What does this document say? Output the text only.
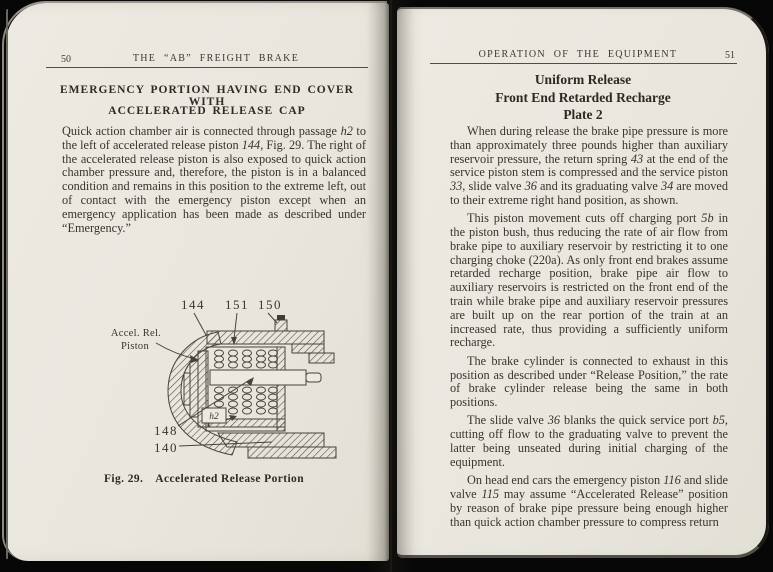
50	THE “AB” FREIGHT BRAKE
EMERGENCY PORTION HAVING END COVER WITH
ACCELERATED RELEASE CAP
Quick action chamber air is connected through passage h2 to the left of accelerated release piston 144, Fig. 29. The right of the accelerated release piston is also exposed to quick action chamber pressure and, therefore, the piston is in a balanced condition and remains in this position to the extreme left, out of contact with the emergency piston except when an emergency application has been made as described under “Emergency.”
144 151 150
Accel. Rel.
Piston
148
140
h2
Fig. 29. Accelerated Release Portion
OPERATION OF THE EQUIPMENT	51
Uniform Release
Front End Retarded Recharge
Plate 2

When during release the brake pipe pressure is more than approximately three pounds higher than auxiliary reservoir pressure, the return spring 43 at the end of the service piston stem is compressed and the service piston 33, slide valve 36 and its graduating valve 34 are moved to their extreme right hand position, as shown.

This piston movement cuts off charging port 5b in the piston bush, thus reducing the rate of air flow from brake pipe to auxiliary reservoir by restricting it to one charging choke (220a). As only front end brakes assume retarded recharge position, brake pipe air flow to auxiliary reservoirs is restricted on the front end of the train while brake pipe and auxiliary reservoir pressures are built up on the rear portion of the train at an increased rate, thus providing a sufficiently uniform recharge.

The brake cylinder is connected to exhaust in this position as described under “Release Position,” the rate of brake cylinder release being the same in both positions.

The slide valve 36 blanks the quick service port b5, cutting off flow to the graduating valve to prevent the latter being unseated during initial charging of the equipment.

On head end cars the emergency piston 116 and slide valve 115 may assume “Accelerated Release” position by reason of brake pipe pressure being enough higher than quick action chamber pressure to compress return
